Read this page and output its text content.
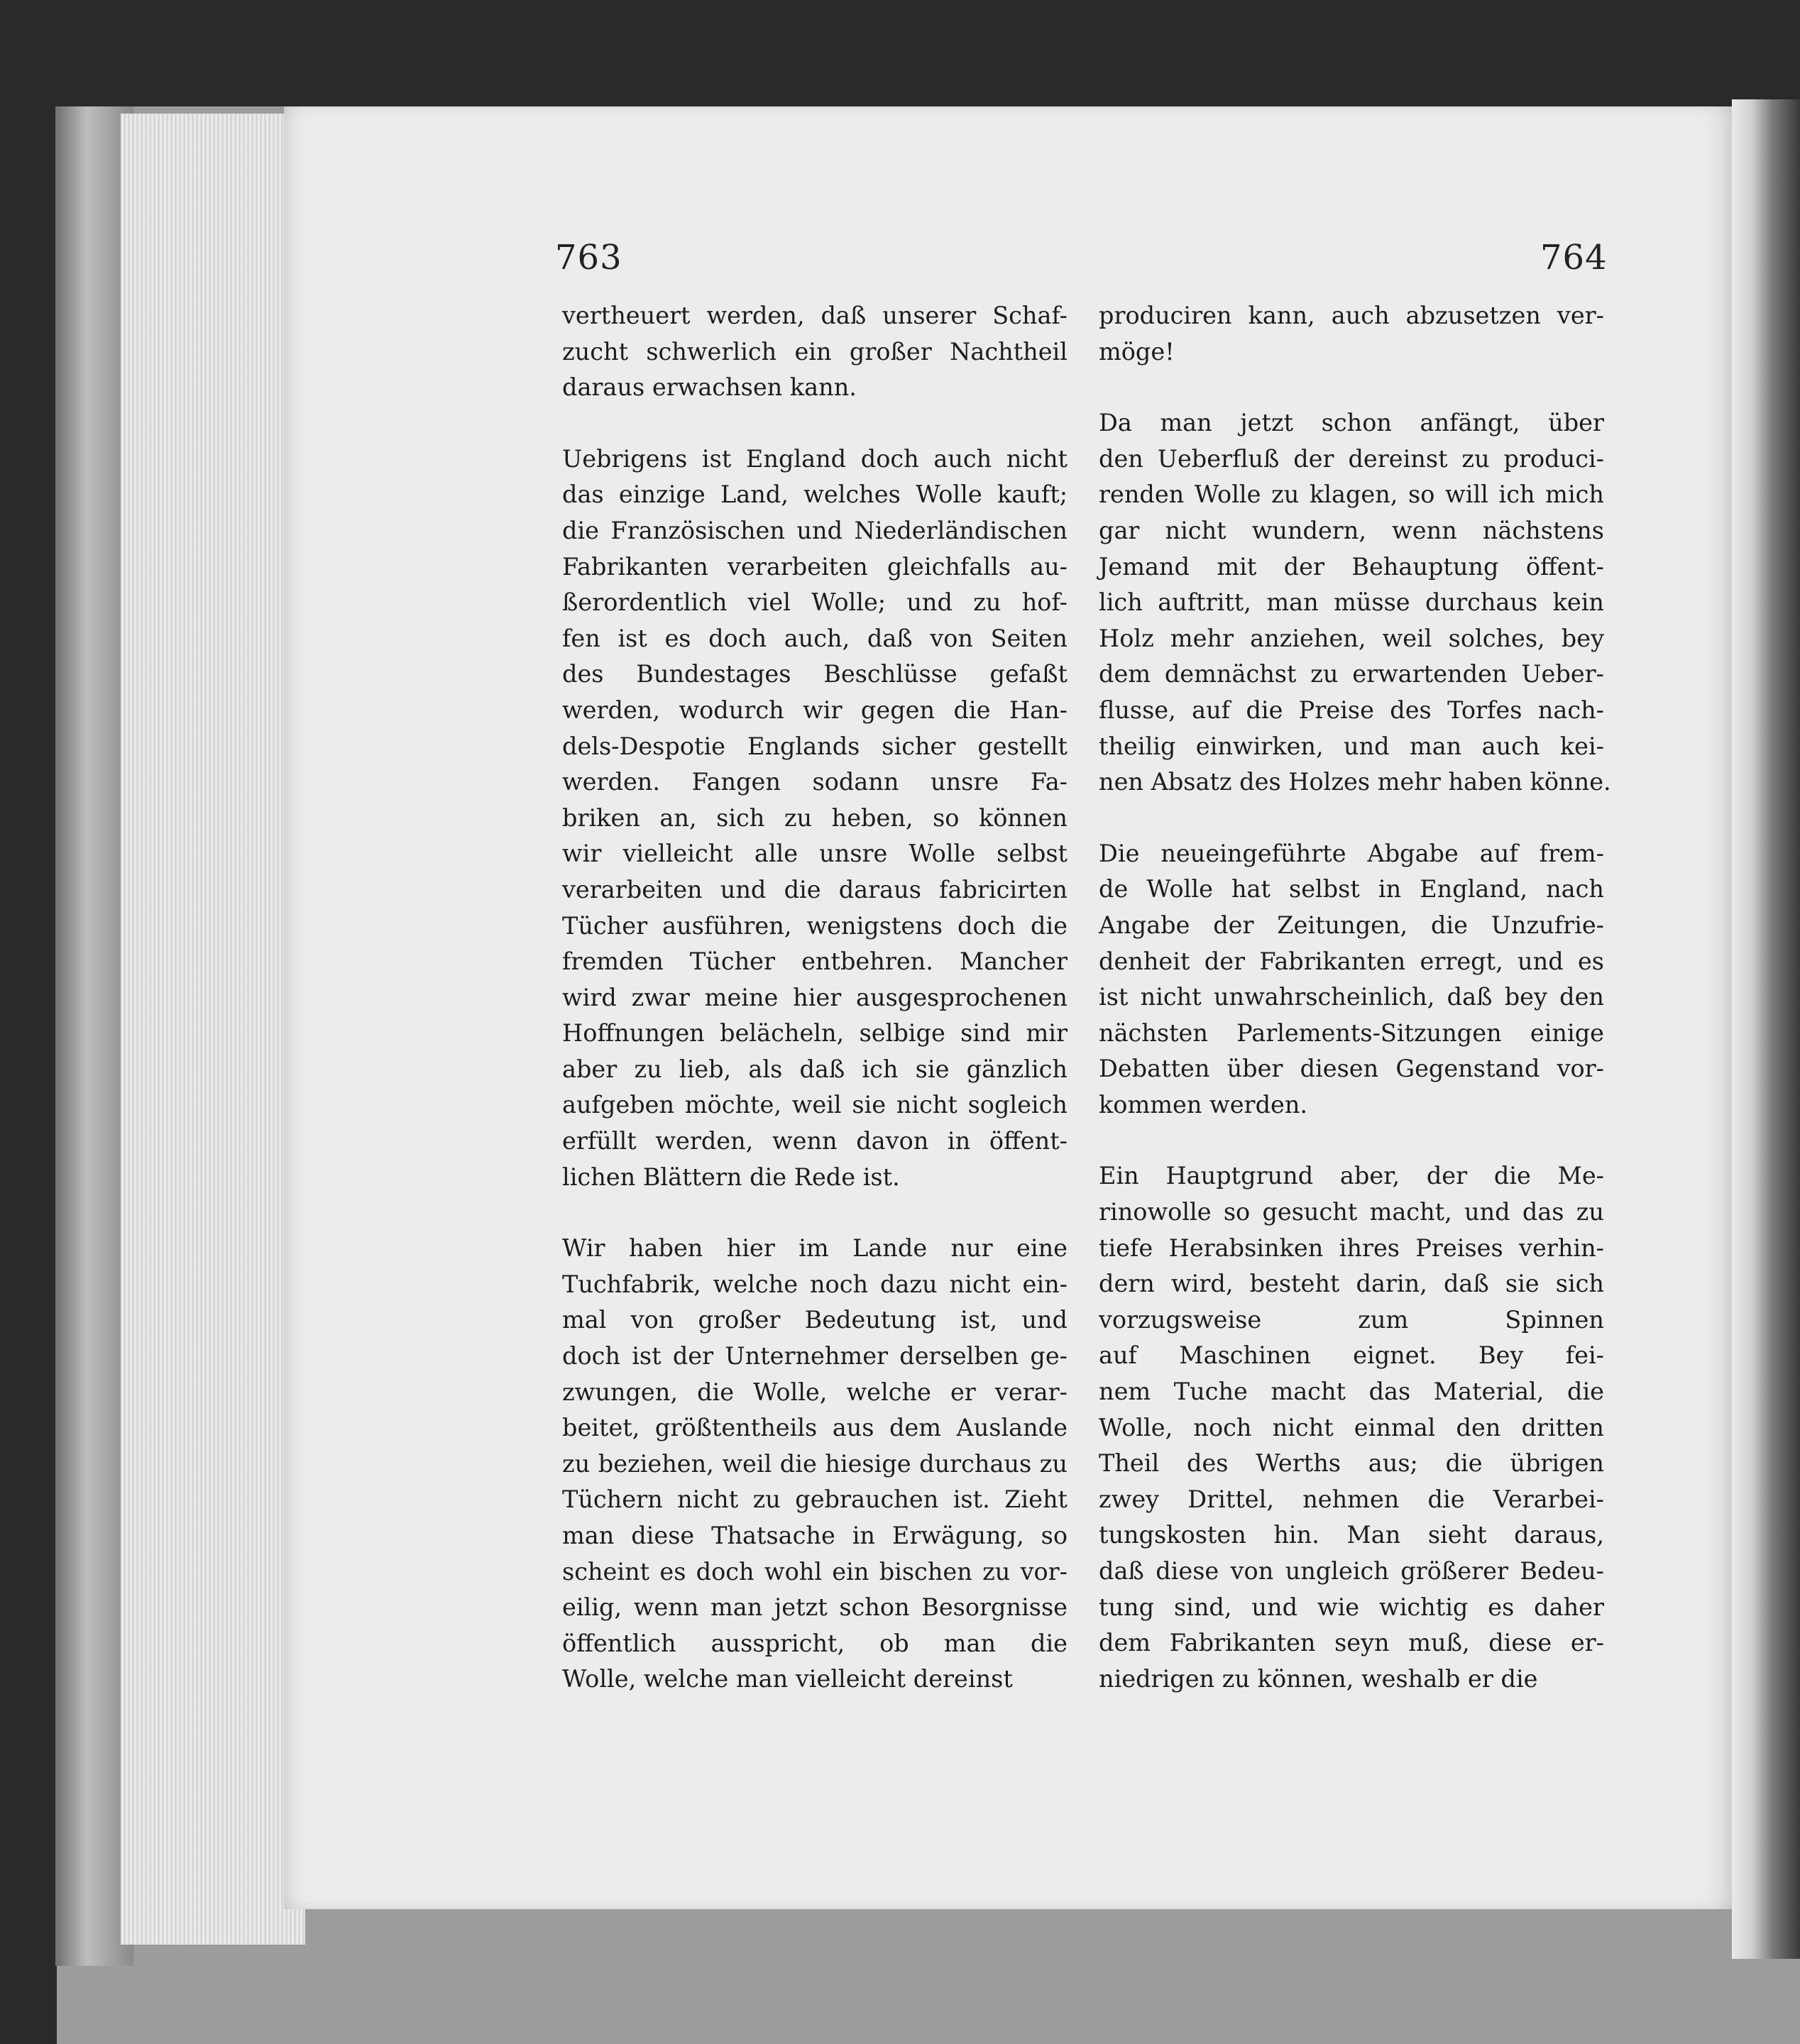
763	764
vertheuert werden, daß unserer Schaf-
zucht schwerlich ein großer Nachtheil
daraus erwachsen kann.
Uebrigens ist England doch auch nicht
das einzige Land, welches Wolle kauft;
die Französischen und Niederländischen
Fabrikanten verarbeiten gleichfalls au-
ßerordentlich viel Wolle; und zu hof-
fen ist es doch auch, daß von Seiten
des Bundestages Beschlüsse gefaßt
werden, wodurch wir gegen die Han-
dels-Despotie Englands sicher gestellt
werden. Fangen sodann unsre Fa-
briken an, sich zu heben, so können
wir vielleicht alle unsre Wolle selbst
verarbeiten und die daraus fabricirten
Tücher ausführen, wenigstens doch die
fremden Tücher entbehren. Mancher
wird zwar meine hier ausgesprochenen
Hoffnungen belächeln, selbige sind mir
aber zu lieb, als daß ich sie gänzlich
aufgeben möchte, weil sie nicht sogleich
erfüllt werden, wenn davon in öffent-
lichen Blättern die Rede ist.
Wir haben hier im Lande nur eine
Tuchfabrik, welche noch dazu nicht ein-
mal von großer Bedeutung ist, und
doch ist der Unternehmer derselben ge-
zwungen, die Wolle, welche er verar-
beitet, größtentheils aus dem Auslande
zu beziehen, weil die hiesige durchaus zu
Tüchern nicht zu gebrauchen ist. Zieht
man diese Thatsache in Erwägung, so
scheint es doch wohl ein bischen zu vor-
eilig, wenn man jetzt schon Besorgnisse
öffentlich ausspricht, ob man die
Wolle, welche man vielleicht dereinst
produciren kann, auch abzusetzen ver-
möge!
Da man jetzt schon anfängt, über
den Ueberfluß der dereinst zu produci-
renden Wolle zu klagen, so will ich mich
gar nicht wundern, wenn nächstens
Jemand mit der Behauptung öffent-
lich auftritt, man müsse durchaus kein
Holz mehr anziehen, weil solches, bey
dem demnächst zu erwartenden Ueber-
flusse, auf die Preise des Torfes nach-
theilig einwirken, und man auch kei-
nen Absatz des Holzes mehr haben könne.
Die neueingeführte Abgabe auf frem-
de Wolle hat selbst in England, nach
Angabe der Zeitungen, die Unzufrie-
denheit der Fabrikanten erregt, und es
ist nicht unwahrscheinlich, daß bey den
nächsten Parlements-Sitzungen einige
Debatten über diesen Gegenstand vor-
kommen werden.
Ein Hauptgrund aber, der die Me-
rinowolle so gesucht macht, und das zu
tiefe Herabsinken ihres Preises verhin-
dern wird, besteht darin, daß sie sich
vorzugsweise zum Spinnen
auf Maschinen eignet. Bey fei-
nem Tuche macht das Material, die
Wolle, noch nicht einmal den dritten
Theil des Werths aus; die übrigen
zwey Drittel, nehmen die Verarbei-
tungskosten hin. Man sieht daraus,
daß diese von ungleich größerer Bedeu-
tung sind, und wie wichtig es daher
dem Fabrikanten seyn muß, diese er-
niedrigen zu können, weshalb er die
